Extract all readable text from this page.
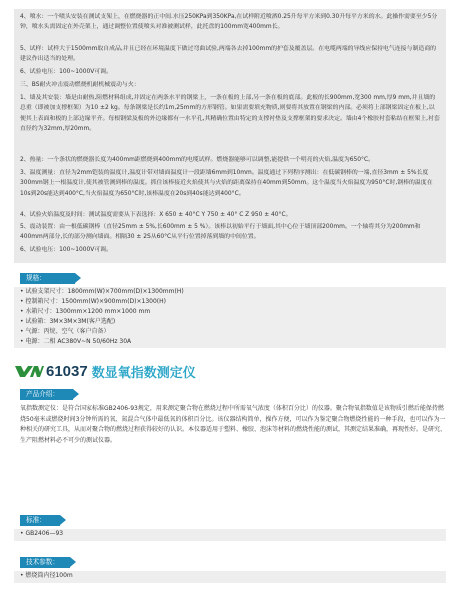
4、喷水：一个喷头安装在测试支架上，在燃烧器的正中间.水压250KPa到350KPa,在试样附近喷洒0.25升每平方米到0.30升每平方米的水。此操作需要至少5分钟，喷水头需固定在外壳架上，通过调整位置使喷头对准被测试样，此托盘的100mm宽400mm长。

5、试样：试样大于1500mm取自成品,并且已经在环境温度下做过弯曲试验,两端各去掉100mm的护套及覆盖层。在电缆两端的导线应保持电气连接与制造商的建议作出适当的处理。

6、试验电压：100~1000V可调。

三、BS耐火冲击震动燃烧机耐机械震动与火：

1、墙及其安装：墙是由耐热,阻燃材料组成,并固定在两条水平的钢梁上，一条在板的上部,另一条在板的底部。此板的长900mm,宽300 mm,厚9 mm,并且墙的总重（即被加支撑框架）为10 ±2 kg。每条钢梁是长约1m,25mm的方形钢管。如果需要填充物质,则要将其放置在钢梁的内部。必须将上部钢梁固定在板上,以便其上表面和板的上部边缘平齐。每根钢梁及板的外边缘都有一水平孔,其精确位置由特定的支撑衬垫及支撑框架的要求决定。墙由4个橡胶衬套粘结在框架上,衬套直径约为32mm,厚20mm。

2、热量：一个条状的燃烧器长度为400mm距燃烧到400mm的电缆试样。燃烧器能够可以调整,能提供一个明亮的火焰,温度为650°C。

3、温度测量：直径为2mm铠装的温度计,温度计带对墙面温度计一段距墙6mm到10mm。温度通过下列程序测出：在低碳钢棒的一端,直径3mm ± 5%长度300mm钢上一根温度计,使其被管测到棒的温度。抓住该棒接近火焰使其与火焰的距离保持在40mm到50mm。这个温度当火焰温度为950°C时,钢棒的温度在10s到20s能达到400°C,当火焰温度为650°C时,该棒温度在20s到40s能达到400°C。

4、试验火焰温度及时间：测试温度需要从下表选择：X 650 ± 40°C Y 750 ± 40° C Z 950 ± 40°C。

5、震动装置：由一根低碳钢棒（直径25mm ± 5%,长600mm ± 5 %）。该棒以初始平行于墙面,其中心位于墙顶部200mm。一个轴将其分为200mm和400mm两部分,长的部分测向墙面。相隔30 ± 2S从60°C从平行位置掉落到墙的中间位置。

6、试验电压：100~1000V可调。

规格：
• 试验支架尺寸：1800mm(W)×700mm(D)×1300mm(H)
• 控制箱尺寸：1500mm(W)×900mm(D)×1300(H)
• 水箱尺寸：1300mm×1200 mm×1000 mm
• 试验箱：3M×3M×3M(客户选配)
• 气源：丙烷、空气（客户自备）
• 电源：二相 AC380V~N 50/60Hz 30A
61037 数显氧指数测定仪
产品介绍：

氧指数测定仪：是符合国家标准GB2406-93规定，用来测定聚合物在燃烧过程中所需氧气浓度（体积百分比）的仪器。聚合物氧指数值是该物质引燃后能保持燃烧50毫米或燃烧时间3分钟所需的氧、氮混合气体中最低氧的体积百分比。该仪器结构简单，操作方便，可以作为鉴定聚合物燃烧性能的一种手段，也可以作为一种相关的研究工具，从而对聚合物的燃烧过程获得较好的认识。本仪器适用于塑料、橡胶、泡沫等材料的燃烧性能的测试，其测定结果准确，再现性好。是研究、生产阻燃材料必不可少的测试仪器。

标准：
• GB2406—93
技术参数：
• 燃烧筒内径100m
